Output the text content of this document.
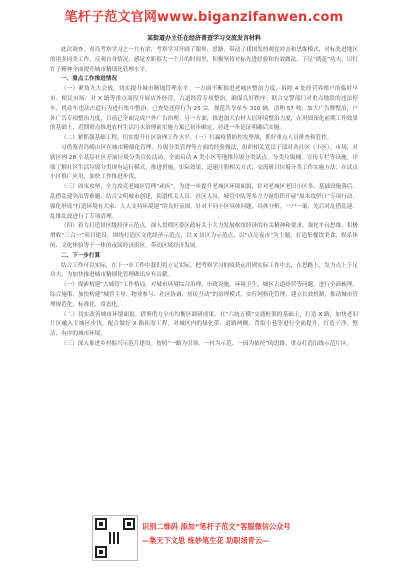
笔杆子范文官网www.biganzifanwen.com
某街道办主任在经济普查学习交流发言材料

此次调查，青岛考察学习之一月有余，考察学习开阔了眼界、思路，带动了我国发的观党冲击和思维模式，对标先进地区的诸多同类工作，反观自身情况，感觉差距很大一个月的时间里，积极坚持对标先进经验和有效做法，下足“绣花”功夫，以钉钉子精神全面提升城市精细化管理水平。

一、重点工作推进情况

（一）紧角九大会战，切实提升城市精细管理水平。一方面不断推进老城区整治力度，拆除 4 处经营养殖户的临时早市、便民市场；对 X 路等重点商段开展店外经营，占道经营专项整治，确保良好秩序；联合交警部门对重点地段的违法停车、机动车违法占道行为进行集中整治，已查处违停行为 25 宗，规范共享单车 310 辆、清理 57 吨；加大广告牌整治，户外广告专项整治力度，目前已全面完成户外广告治理。另一方面，推进加大农村人居环境整治力度，在巩固深化前期工作效果的基础上，近期重点推进农村生活污水治理前实施方案已初步确定，待进一步论证明确后实施。

（二）紧抓强基础工程，切实提升社区治理工作水平。（一）打赢疫情防控攻坚战，抓好重点人员排查和管控。

习借鉴青岛崂山区在城市精细化管理、垃圾分类管理等方面的经验做法，组织相关党员干部对各社区（小区）、市场，对辖区内 28 个基层社区开展垃圾分类宣传活动，全面启动 A 类小区等地推垃圾分类试点。分类垃圾桶、宣传专栏等设施，详细了解社区生活垃圾分类现有运行模式，推进措施，实际效果，迅速注册相关方式，交流研讨垃圾分类工作实施方法；在试点小区推广应用，加快工作推进步伐。

（三）周末攻坚，全力攻克老城区管理“顽疾”，为进一步提升老城区环境面貌，针对老城区老旧小区多、基础设施落后、乱搭乱建突出等难题，结合文明城市创建，街道机关人员、社区人员、城管中队等多方力量组织开展“周末攻坚日”专项行动，强化形成“打造环境有大家、人人支持环境建”的良好氛围，针对不同小区具体问题，具体分析，一户一案，先后对乱搭乱建、乱堆乱放进行了专项清理。

（四）着力打造景区级经济示范点，深入贯彻区委区政府关于大力发展枢纽经济的有关精神和要求，强化平台思维，积极增收“三合一”项目建设，围绕打造区文化经济示范点，以 X 景区为示范点，以“点亮夜市”为主题，打造集餐饮美食、娱乐休闲、文化体验等于一体的夜间经济街区，带动区域经济发展。

二、下一步打算

结合工作可以实际，在下一步工作中我们将立足实际，把考察学习的收获运用到实际工作中去，在思路上、发力点上下足功夫，为加快推进城市精细化管理做出应有贡献。

（一）探索构建“大城管”工作格局。对城市环境综合治理、市政设施、环境卫生、城区占道经营等问题，进行全面梳理、综合施策，加快构建“城管主导、物业参与、社区协调、居民互动”的治理模式，实行网格化管理，建立长效机制，推动城市管理规范化、标准化、常态化。

（二）切实改善城市环境面貌。借鉴借力全市均衡区调研成果，在“六统五横”交通框架的基础上，打造 X 路，加快老旧片区融入主城区步伐，配合做好 X 路拓宽工程，对城区内的绿化带、道路两侧、背街小巷等进行全面提升，打造干净、整洁、有序的城市环境。

（三）深入推进乡村振兴示范片建设。按照“一路为引领、一村为示范、一园为依托”的思路，重点打造沿线示范片区。

识别二维码 添加“笔杆子范文”客服微信公众号
—集天下文思 练妙笔生花 助职场青云—
